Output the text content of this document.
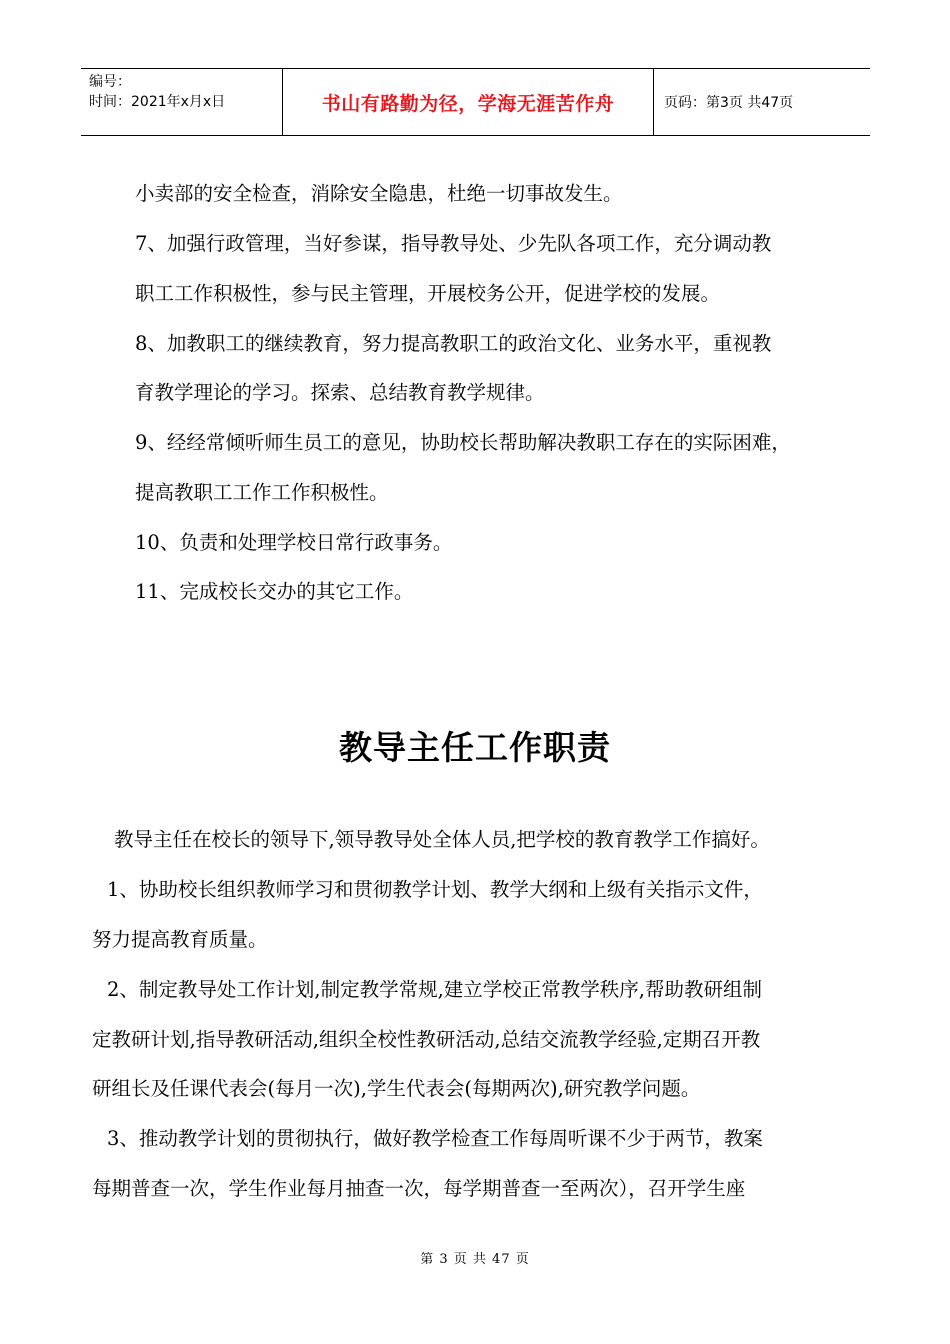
编号：
时间：2021年x月x日	书山有路勤为径，学海无涯苦作舟	页码：第3页 共47页
小卖部的安全检查，消除安全隐患，杜绝一切事故发生。
7、加强行政管理，当好参谋，指导教导处、少先队各项工作，充分调动教
职工工作积极性，参与民主管理，开展校务公开，促进学校的发展。
8、加教职工的继续教育，努力提高教职工的政治文化、业务水平，重视教
育教学理论的学习。探索、总结教育教学规律。
9、经经常倾听师生员工的意见，协助校长帮助解决教职工存在的实际困难，
提高教职工工作工作积极性。
10、负责和处理学校日常行政事务。
11、完成校长交办的其它工作。
教导主任工作职责
教导主任在校长的领导下,领导教导处全体人员,把学校的教育教学工作搞好。
1、协助校长组织教师学习和贯彻教学计划、教学大纲和上级有关指示文件，
努力提高教育质量。
2、制定教导处工作计划,制定教学常规,建立学校正常教学秩序,帮助教研组制
定教研计划,指导教研活动,组织全校性教研活动,总结交流教学经验,定期召开教
研组长及任课代表会(每月一次),学生代表会(每期两次),研究教学问题。
3、推动教学计划的贯彻执行，做好教学检查工作每周听课不少于两节，教案
每期普查一次，学生作业每月抽查一次，每学期普查一至两次），召开学生座
第 3 页 共 47 页
